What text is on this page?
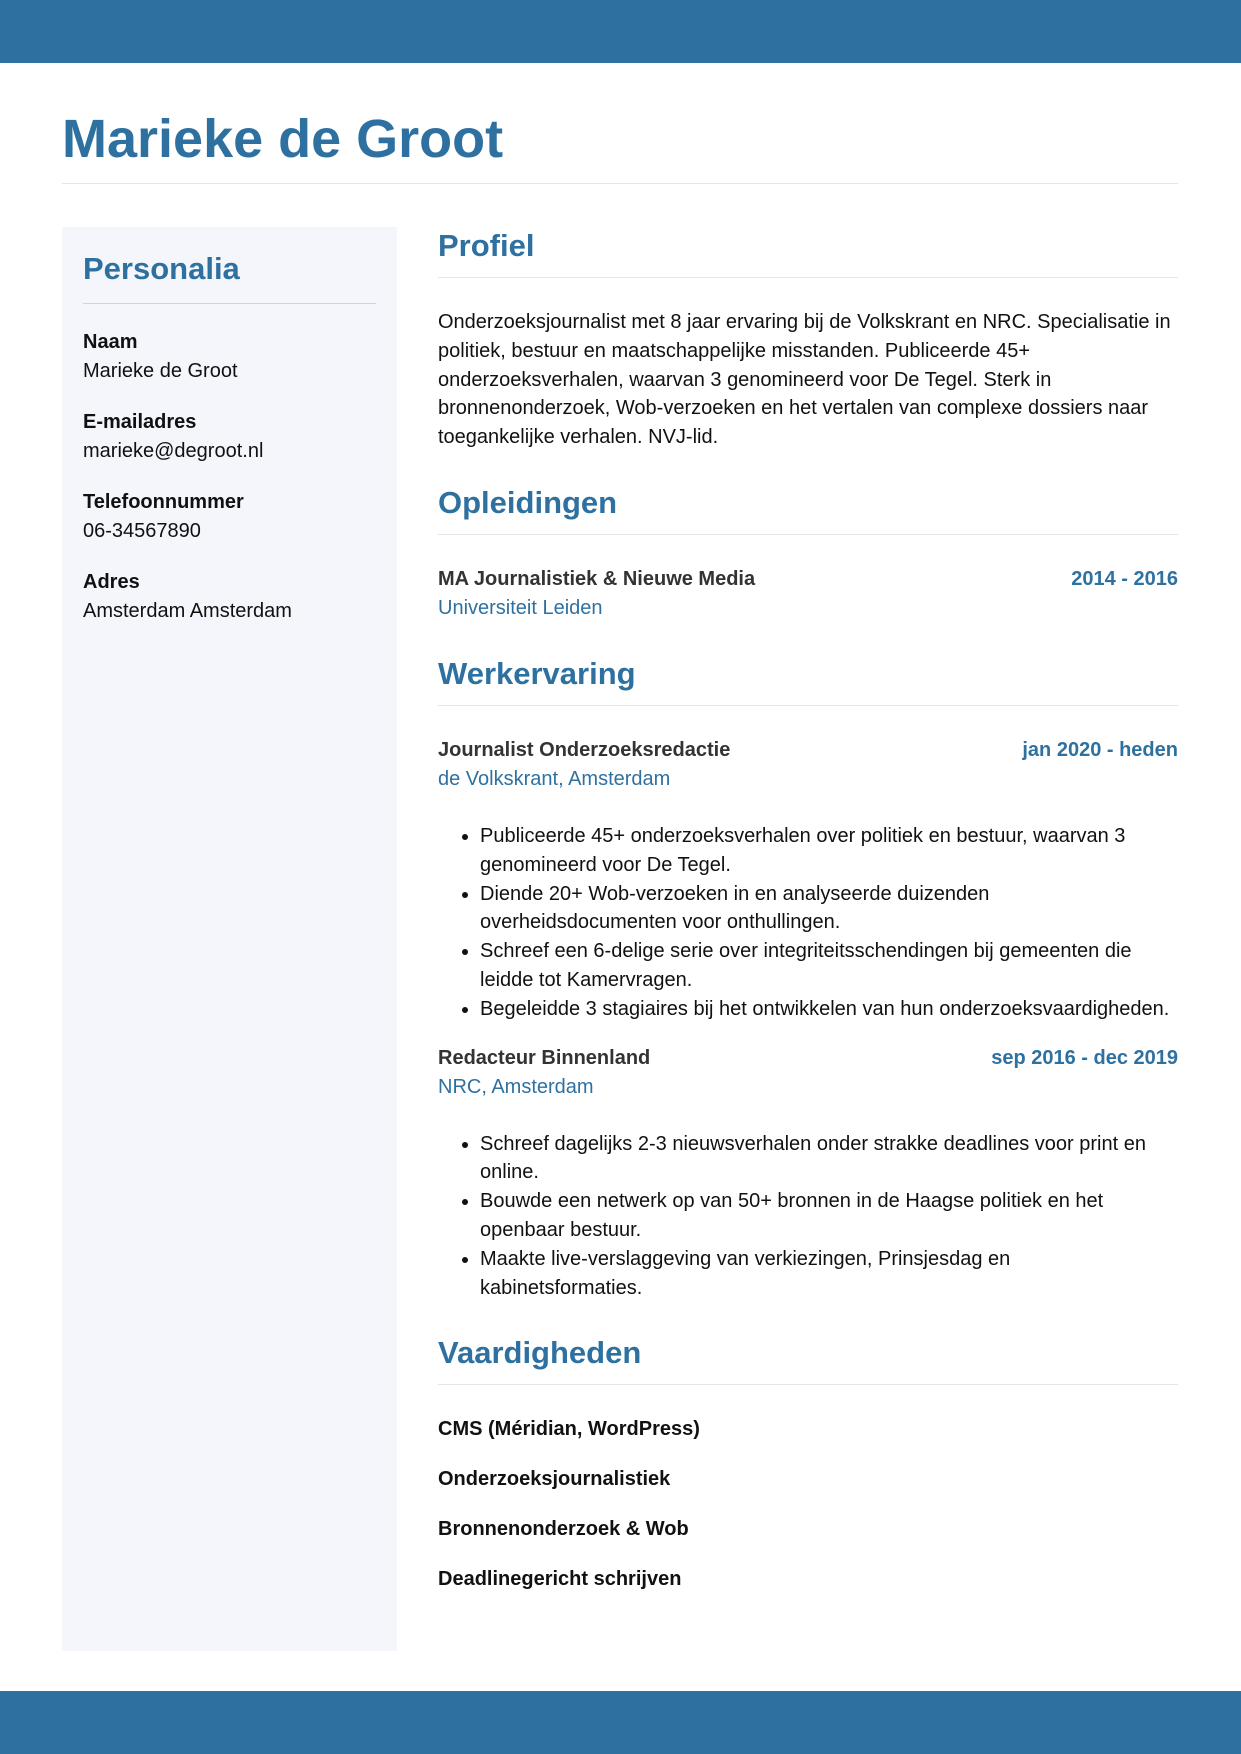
Marieke de Groot
Personalia
Naam
Marieke de Groot
E-mailadres
marieke@degroot.nl
Telefoonnummer
06-34567890
Adres
Amsterdam Amsterdam
Profiel

Onderzoeksjournalist met 8 jaar ervaring bij de Volkskrant en NRC. Specialisatie in politiek, bestuur en maatschappelijke misstanden. Publiceerde 45+ onderzoeksverhalen, waarvan 3 genomineerd voor De Tegel. Sterk in bronnenonderzoek, Wob-verzoeken en het vertalen van complexe dossiers naar toegankelijke verhalen. NVJ-lid.

Opleidingen
MA Journalistiek & Nieuwe Media	2014 - 2016
Universiteit Leiden
Werkervaring
Journalist Onderzoeksredactie	jan 2020 - heden
de Volkskrant, Amsterdam
• Publiceerde 45+ onderzoeksverhalen over politiek en bestuur, waarvan 3 genomineerd voor De Tegel.
• Diende 20+ Wob-verzoeken in en analyseerde duizenden overheidsdocumenten voor onthullingen.
• Schreef een 6-delige serie over integriteitsschendingen bij gemeenten die leidde tot Kamervragen.
• Begeleidde 3 stagiaires bij het ontwikkelen van hun onderzoeksvaardigheden.
Redacteur Binnenland	sep 2016 - dec 2019
NRC, Amsterdam
• Schreef dagelijks 2-3 nieuwsverhalen onder strakke deadlines voor print en online.
• Bouwde een netwerk op van 50+ bronnen in de Haagse politiek en het openbaar bestuur.
• Maakte live-verslaggeving van verkiezingen, Prinsjesdag en kabinetsformaties.
Vaardigheden
CMS (Méridian, WordPress)
Onderzoeksjournalistiek
Bronnenonderzoek & Wob
Deadlinegericht schrijven
